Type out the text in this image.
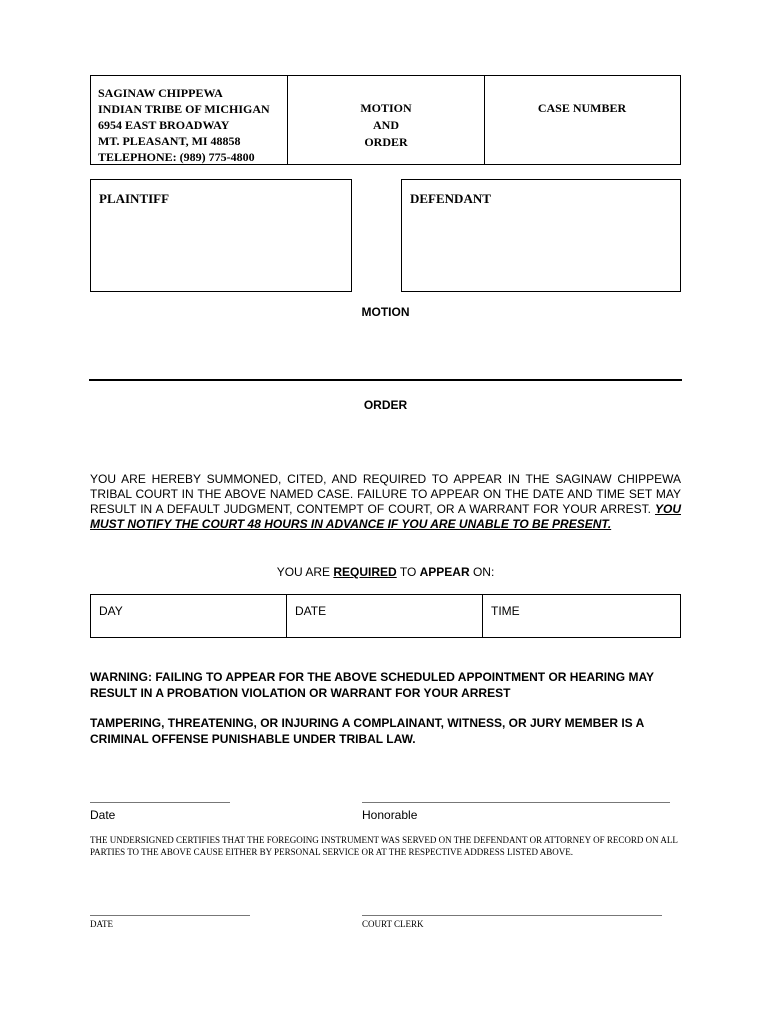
SAGINAW CHIPPEWA
INDIAN TRIBE OF MICHIGAN
6954 EAST BROADWAY
MT. PLEASANT, MI 48858
TELEPHONE: (989) 775-4800
MOTION
AND
ORDER
CASE NUMBER
PLAINTIFF	DEFENDANT
MOTION
ORDER
YOU ARE HEREBY SUMMONED, CITED, AND REQUIRED TO APPEAR IN THE SAGINAW CHIPPEWA TRIBAL COURT IN THE ABOVE NAMED CASE. FAILURE TO APPEAR ON THE DATE AND TIME SET MAY RESULT IN A DEFAULT JUDGMENT, CONTEMPT OF COURT, OR A WARRANT FOR YOUR ARREST. YOU MUST NOTIFY THE COURT 48 HOURS IN ADVANCE IF YOU ARE UNABLE TO BE PRESENT.
YOU ARE REQUIRED TO APPEAR ON:
DAY	DATE	TIME
WARNING: FAILING TO APPEAR FOR THE ABOVE SCHEDULED APPOINTMENT OR HEARING MAY RESULT IN A PROBATION VIOLATION OR WARRANT FOR YOUR ARREST
TAMPERING, THREATENING, OR INJURING A COMPLAINANT, WITNESS, OR JURY MEMBER IS A CRIMINAL OFFENSE PUNISHABLE UNDER TRIBAL LAW.
Date	Honorable
THE UNDERSIGNED CERTIFIES THAT THE FOREGOING INSTRUMENT WAS SERVED ON THE DEFENDANT OR ATTORNEY OF RECORD ON ALL PARTIES TO THE ABOVE CAUSE EITHER BY PERSONAL SERVICE OR AT THE RESPECTIVE ADDRESS LISTED ABOVE.
DATE	COURT CLERK
